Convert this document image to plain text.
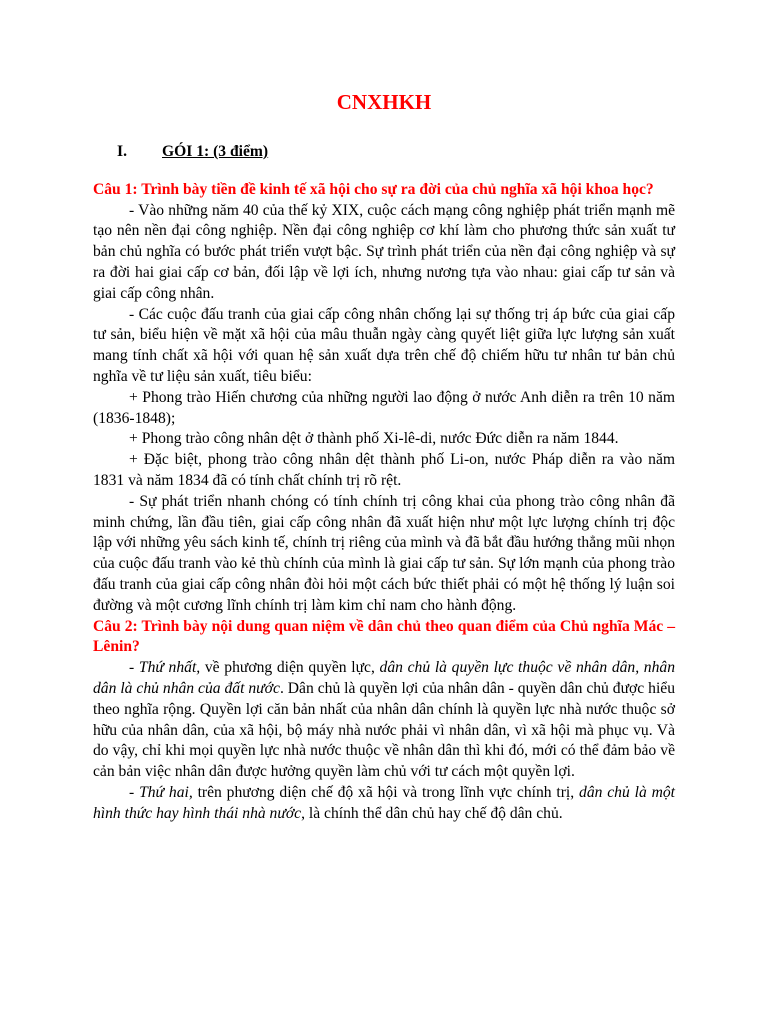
CNXHKH
I.	GÓI 1: (3 điểm)

Câu 1: Trình bày tiền đề kinh tế xã hội cho sự ra đời của chủ nghĩa xã hội khoa học?

- Vào những năm 40 của thế kỷ XIX, cuộc cách mạng công nghiệp phát triển mạnh mẽ tạo nên nền đại công nghiệp. Nền đại công nghiệp cơ khí làm cho phương thức sản xuất tư bản chủ nghĩa có bước phát triển vượt bậc. Sự trình phát triển của nền đại công nghiệp và sự ra đời hai giai cấp cơ bản, đối lập về lợi ích, nhưng nương tựa vào nhau: giai cấp tư sản và giai cấp công nhân.

- Các cuộc đấu tranh của giai cấp công nhân chống lại sự thống trị áp bức của giai cấp tư sản, biểu hiện về mặt xã hội của mâu thuẫn ngày càng quyết liệt giữa lực lượng sản xuất mang tính chất xã hội với quan hệ sản xuất dựa trên chế độ chiếm hữu tư nhân tư bản chủ nghĩa về tư liệu sản xuất, tiêu biểu:

+ Phong trào Hiến chương của những người lao động ở nước Anh diễn ra trên 10 năm (1836-1848);

+ Phong trào công nhân dệt ở thành phố Xi-lê-di, nước Đức diễn ra năm 1844.

+ Đặc biệt, phong trào công nhân dệt thành phố Li-on, nước Pháp diễn ra vào năm 1831 và năm 1834 đã có tính chất chính trị rõ rệt.

- Sự phát triển nhanh chóng có tính chính trị công khai của phong trào công nhân đã minh chứng, lần đầu tiên, giai cấp công nhân đã xuất hiện như một lực lượng chính trị độc lập với những yêu sách kinh tế, chính trị riêng của mình và đã bắt đầu hướng thẳng mũi nhọn của cuộc đấu tranh vào kẻ thù chính của mình là giai cấp tư sản. Sự lớn mạnh của phong trào đấu tranh của giai cấp công nhân đòi hỏi một cách bức thiết phải có một hệ thống lý luận soi đường và một cương lĩnh chính trị làm kim chỉ nam cho hành động.

Câu 2: Trình bày nội dung quan niệm về dân chủ theo quan điểm của Chủ nghĩa Mác – Lênin?

- Thứ nhất, về phương diện quyền lực, dân chủ là quyền lực thuộc về nhân dân, nhân dân là chủ nhân của đất nước. Dân chủ là quyền lợi của nhân dân - quyền dân chủ được hiểu theo nghĩa rộng. Quyền lợi căn bản nhất của nhân dân chính là quyền lực nhà nước thuộc sở hữu của nhân dân, của xã hội, bộ máy nhà nước phải vì nhân dân, vì xã hội mà phục vụ. Và do vậy, chỉ khi mọi quyền lực nhà nước thuộc về nhân dân thì khi đó, mới có thể đảm bảo về cản bản việc nhân dân được hưởng quyền làm chủ với tư cách một quyền lợi.

- Thứ hai, trên phương diện chế độ xã hội và trong lĩnh vực chính trị, dân chủ là một hình thức hay hình thái nhà nước, là chính thể dân chủ hay chế độ dân chủ.
